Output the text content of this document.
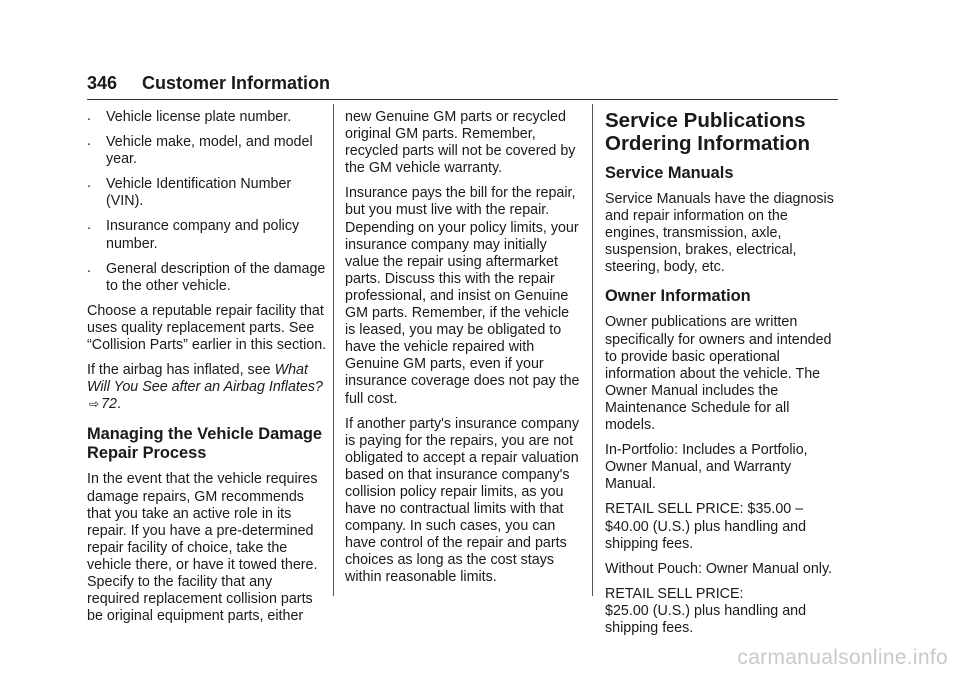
346 Customer Information
. Vehicle license plate number.
. Vehicle make, model, and model year.
. Vehicle Identification Number (VIN).
. Insurance company and policy number.
. General description of the damage to the other vehicle.

Choose a reputable repair facility that uses quality replacement parts. See “Collision Parts” earlier in this section.

If the airbag has inflated, see What Will You See after an Airbag Inflates? ⇨ 72.

Managing the Vehicle Damage Repair Process

In the event that the vehicle requires damage repairs, GM recommends that you take an active role in its repair. If you have a pre-determined repair facility of choice, take the vehicle there, or have it towed there. Specify to the facility that any required replacement collision parts be original equipment parts, either

new Genuine GM parts or recycled original GM parts. Remember, recycled parts will not be covered by the GM vehicle warranty.

Insurance pays the bill for the repair, but you must live with the repair. Depending on your policy limits, your insurance company may initially value the repair using aftermarket parts. Discuss this with the repair professional, and insist on Genuine GM parts. Remember, if the vehicle is leased, you may be obligated to have the vehicle repaired with Genuine GM parts, even if your insurance coverage does not pay the full cost.

If another party's insurance company is paying for the repairs, you are not obligated to accept a repair valuation based on that insurance company's collision policy repair limits, as you have no contractual limits with that company. In such cases, you can have control of the repair and parts choices as long as the cost stays within reasonable limits.

Service Publications Ordering Information
Service Manuals

Service Manuals have the diagnosis and repair information on the engines, transmission, axle, suspension, brakes, electrical, steering, body, etc.

Owner Information

Owner publications are written specifically for owners and intended to provide basic operational information about the vehicle. The Owner Manual includes the Maintenance Schedule for all models.

In-Portfolio: Includes a Portfolio, Owner Manual, and Warranty Manual.

RETAIL SELL PRICE: $35.00 – $40.00 (U.S.) plus handling and shipping fees.

Without Pouch: Owner Manual only.

RETAIL SELL PRICE:
$25.00 (U.S.) plus handling and shipping fees.

carmanualsonline.info
